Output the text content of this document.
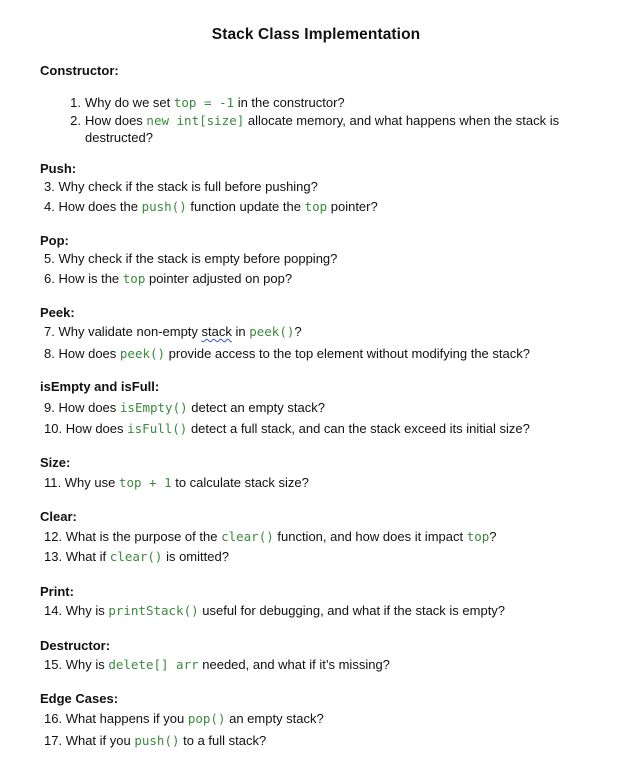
Stack Class Implementation
Constructor:
1. Why do we set top = -1 in the constructor?
2. How does new int[size] allocate memory, and what happens when the stack is destructed?
Push:
3. Why check if the stack is full before pushing?
4. How does the push() function update the top pointer?
Pop:
5. Why check if the stack is empty before popping?
6. How is the top pointer adjusted on pop?
Peek:
7. Why validate non-empty stack in peek()?
8. How does peek() provide access to the top element without modifying the stack?
isEmpty and isFull:
9. How does isEmpty() detect an empty stack?
10. How does isFull() detect a full stack, and can the stack exceed its initial size?
Size:
11. Why use top + 1 to calculate stack size?
Clear:
12. What is the purpose of the clear() function, and how does it impact top?
13. What if clear() is omitted?
Print:
14. Why is printStack() useful for debugging, and what if the stack is empty?
Destructor:
15. Why is delete[] arr needed, and what if it’s missing?
Edge Cases:
16. What happens if you pop() an empty stack?
17. What if you push() to a full stack?
